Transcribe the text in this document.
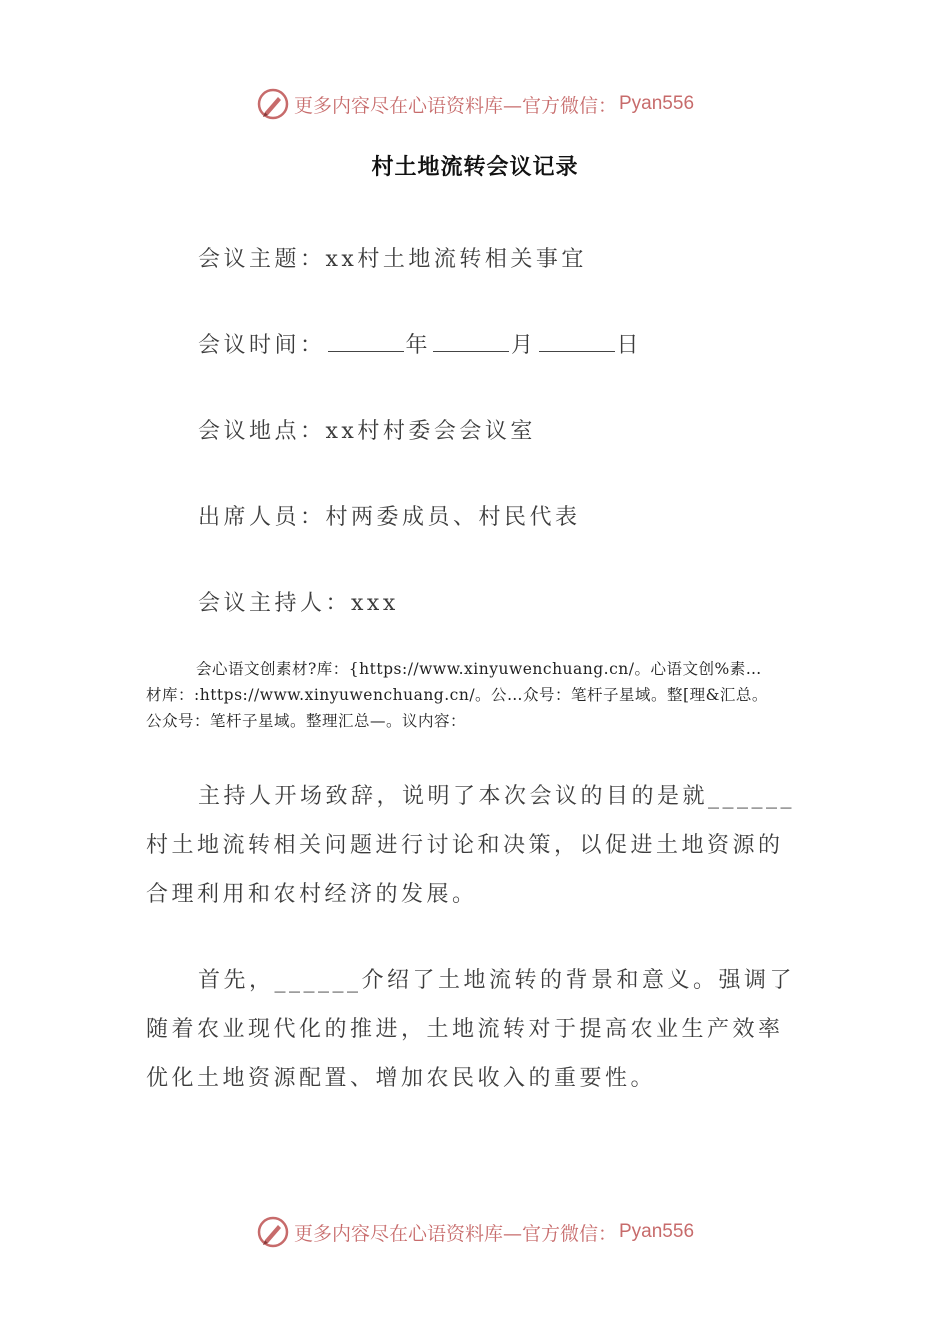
更多内容尽在心语资料库—官方微信： Pyan556
村土地流转会议记录
会议主题：xx村土地流转相关事宜
会议时间：	年	月	日
会议地点：xx村村委会会议室
出席人员：村两委成员、村民代表
会议主持人：xxx
会心语文创素材?库：{https://www.xinyuwenchuang.cn/。心语文创%素…
材库：:https://www.xinyuwenchuang.cn/。公…众号：笔杆子星域。整[理&汇总。
公众号：笔杆子星域。整理汇总—。议内容：
主持人开场致辞，说明了本次会议的目的是就______
村土地流转相关问题进行讨论和决策，以促进土地资源的
合理利用和农村经济的发展。
首先，______介绍了土地流转的背景和意义。强调了
随着农业现代化的推进，土地流转对于提高农业生产效率
优化土地资源配置、增加农民收入的重要性。
更多内容尽在心语资料库—官方微信： Pyan556
